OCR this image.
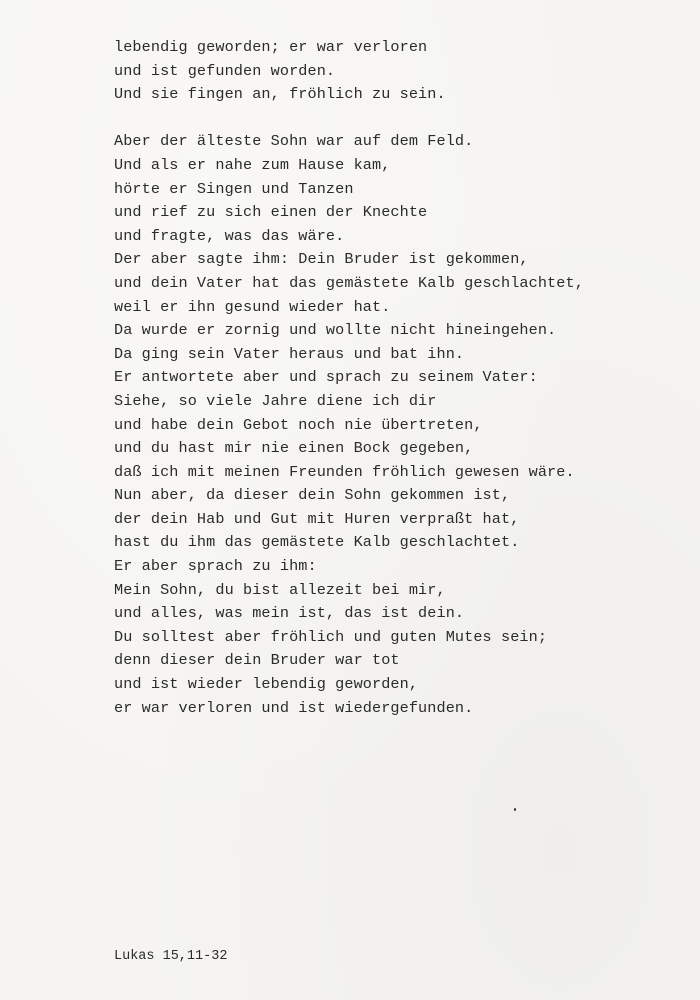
lebendig geworden; er war verloren
und ist gefunden worden.
Und sie fingen an, fröhlich zu sein.
Aber der älteste Sohn war auf dem Feld.
Und als er nahe zum Hause kam,
hörte er Singen und Tanzen
und rief zu sich einen der Knechte
und fragte, was das wäre.
Der aber sagte ihm: Dein Bruder ist gekommen,
und dein Vater hat das gemästete Kalb geschlachtet,
weil er ihn gesund wieder hat.
Da wurde er zornig und wollte nicht hineingehen.
Da ging sein Vater heraus und bat ihn.
Er antwortete aber und sprach zu seinem Vater:
Siehe, so viele Jahre diene ich dir
und habe dein Gebot noch nie übertreten,
und du hast mir nie einen Bock gegeben,
daß ich mit meinen Freunden fröhlich gewesen wäre.
Nun aber, da dieser dein Sohn gekommen ist,
der dein Hab und Gut mit Huren verpraßt hat,
hast du ihm das gemästete Kalb geschlachtet.
Er aber sprach zu ihm:
Mein Sohn, du bist allezeit bei mir,
und alles, was mein ist, das ist dein.
Du solltest aber fröhlich und guten Mutes sein;
denn dieser dein Bruder war tot
und ist wieder lebendig geworden,
er war verloren und ist wiedergefunden.
Lukas 15,11-32
